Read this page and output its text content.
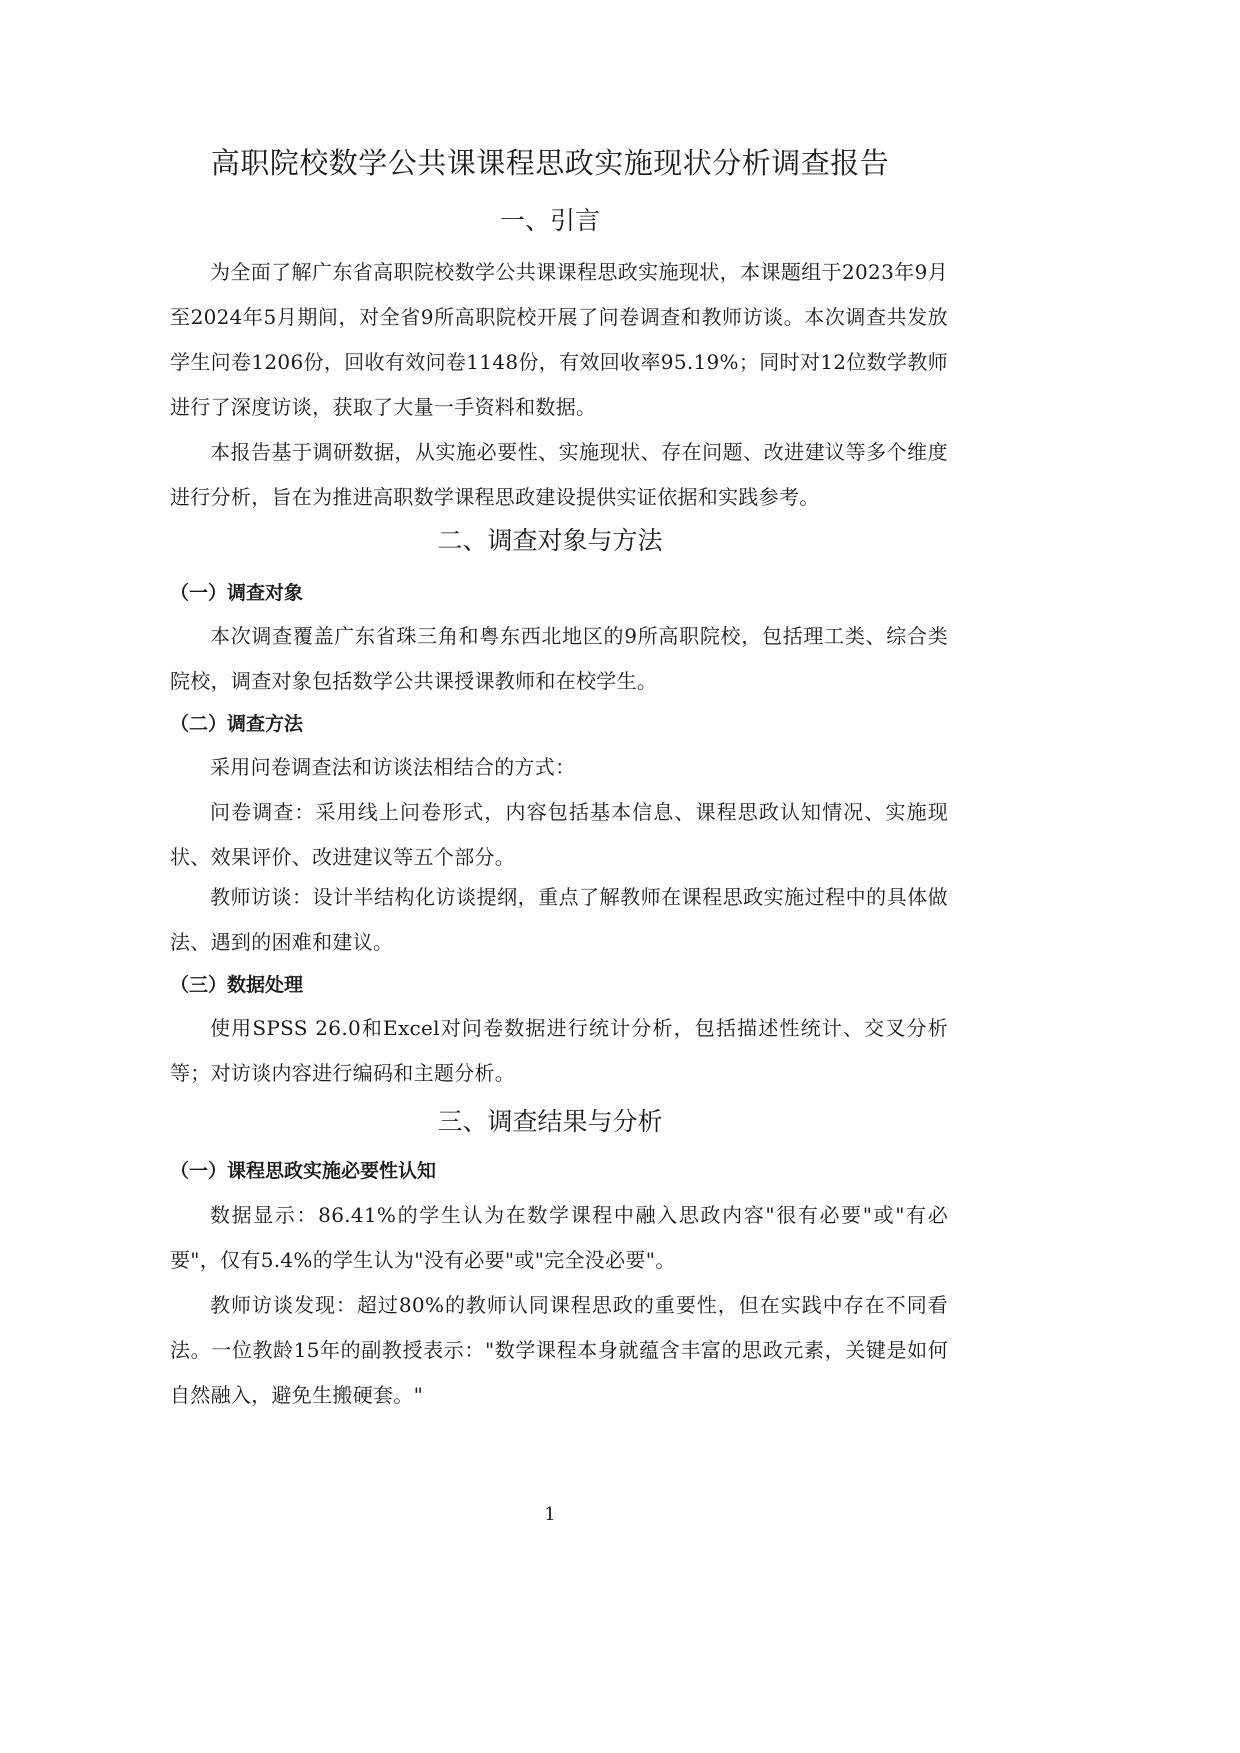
高职院校数学公共课课程思政实施现状分析调查报告
一、引言

为全面了解广东省高职院校数学公共课课程思政实施现状，本课题组于2023年9月至2024年5月期间，对全省9所高职院校开展了问卷调查和教师访谈。本次调查共发放学生问卷1206份，回收有效问卷1148份，有效回收率95.19%；同时对12位数学教师进行了深度访谈，获取了大量一手资料和数据。

本报告基于调研数据，从实施必要性、实施现状、存在问题、改进建议等多个维度进行分析，旨在为推进高职数学课程思政建设提供实证依据和实践参考。

二、调查对象与方法
（一）调查对象

本次调查覆盖广东省珠三角和粤东西北地区的9所高职院校，包括理工类、综合类院校，调查对象包括数学公共课授课教师和在校学生。

（二）调查方法

采用问卷调查法和访谈法相结合的方式：

问卷调查：采用线上问卷形式，内容包括基本信息、课程思政认知情况、实施现状、效果评价、改进建议等五个部分。

教师访谈：设计半结构化访谈提纲，重点了解教师在课程思政实施过程中的具体做法、遇到的困难和建议。

（三）数据处理

使用SPSS 26.0和Excel对问卷数据进行统计分析，包括描述性统计、交叉分析等；对访谈内容进行编码和主题分析。

三、调查结果与分析
（一）课程思政实施必要性认知

数据显示：86.41%的学生认为在数学课程中融入思政内容"很有必要"或"有必要"，仅有5.4%的学生认为"没有必要"或"完全没必要"。

教师访谈发现：超过80%的教师认同课程思政的重要性，但在实践中存在不同看法。一位教龄15年的副教授表示："数学课程本身就蕴含丰富的思政元素，关键是如何自然融入，避免生搬硬套。"

1
